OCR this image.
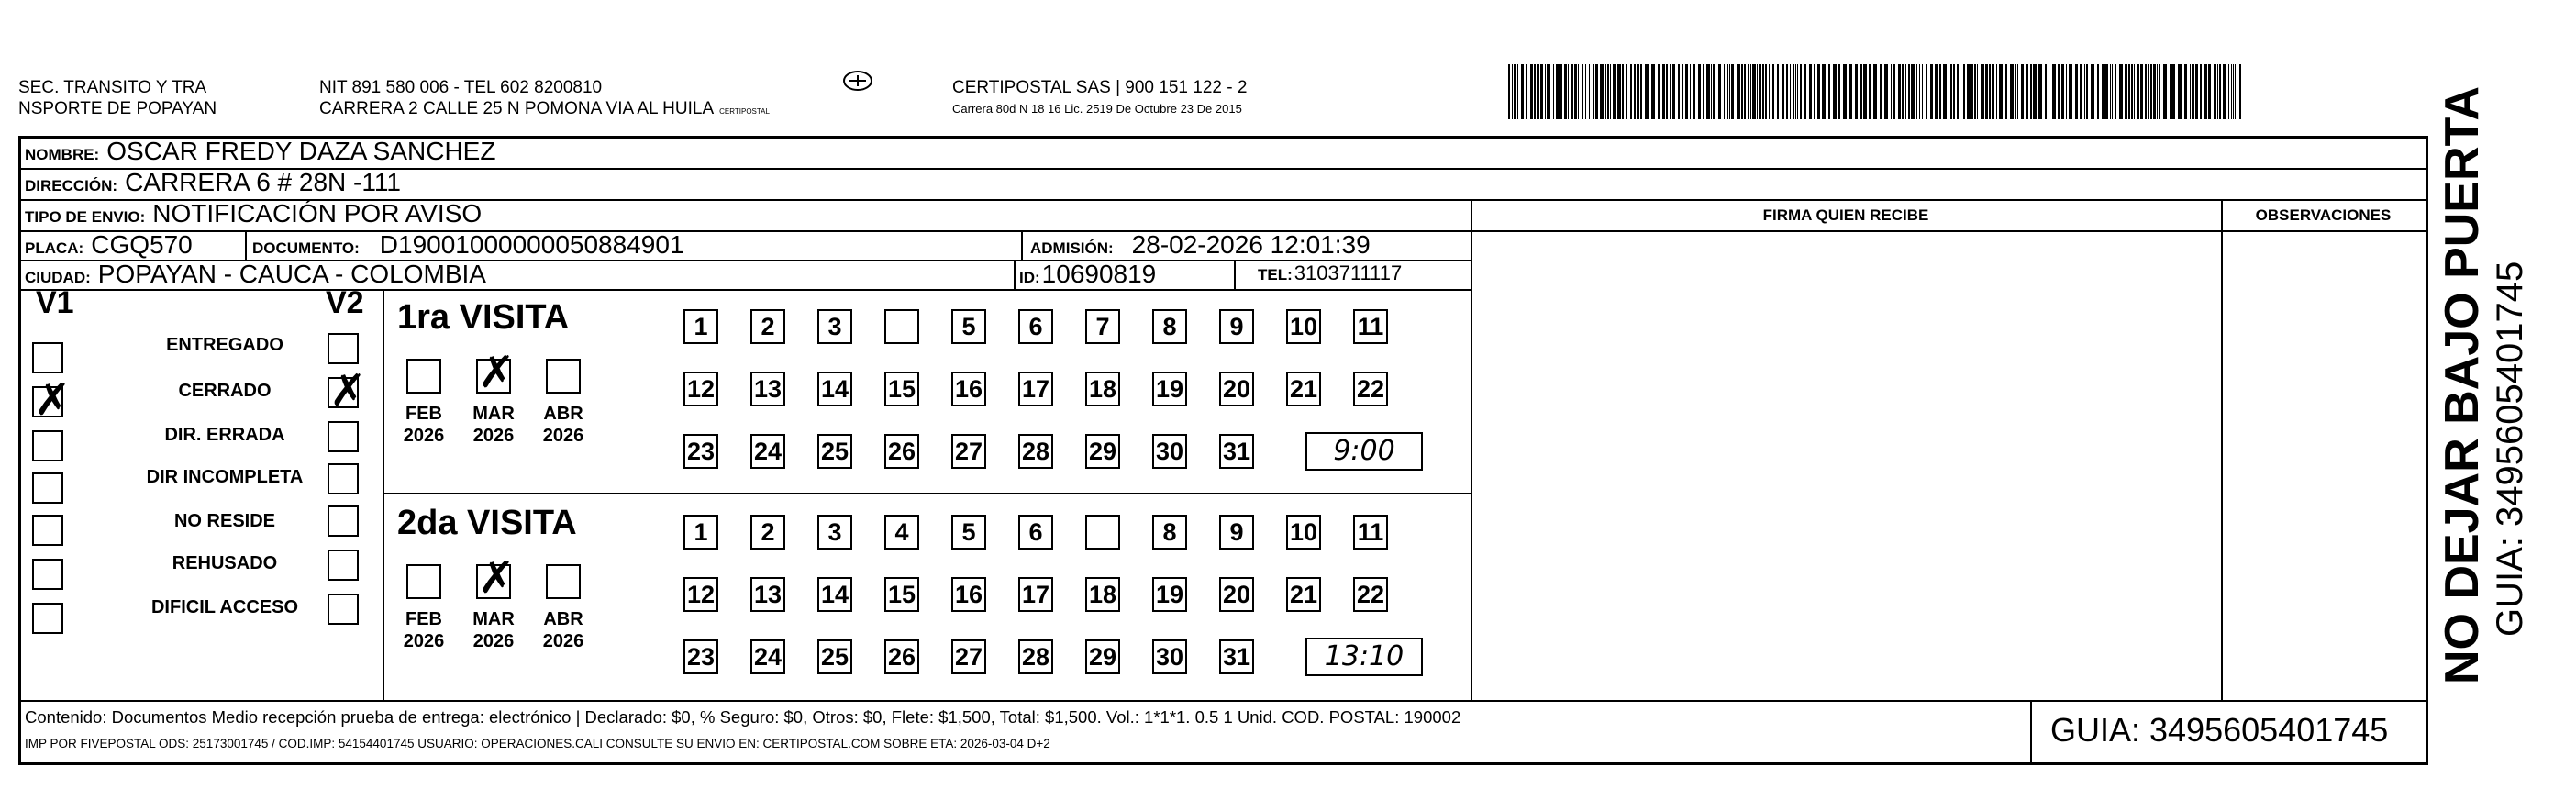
SEC. TRANSITO Y TRA
NSPORTE DE POPAYAN
NIT 891 580 006 - TEL 602 8200810
CARRERA 2 CALLE 25 N POMONA VIA AL HUILA CERTIPOSTAL
CERTIPOSTAL SAS | 900 151 122 - 2
Carrera 80d N 18 16 Lic. 2519 De Octubre 23 De 2015
NOMBRE: OSCAR FREDY DAZA SANCHEZ
DIRECCIÓN: CARRERA 6 # 28N -111
TIPO DE ENVIO: NOTIFICACIÓN POR AVISO	FIRMA QUIEN RECIBE	OBSERVACIONES
PLACA: CGQ570	DOCUMENTO: D19001000000050884901	ADMISIÓN: 28-02-2026 12:01:39
CIUDAD: POPAYAN - CAUCA - COLOMBIA	ID: 10690819	TEL: 3103711117
V1	V2
ENTREGADO
✗	✗
CERRADO
DIR. ERRADA
DIR INCOMPLETA
NO RESIDE
REHUSADO
DIFICIL ACCESO
1ra VISITA
FEB
2026
✗
MAR
2026
ABR
2026
1	2	3	5	6	7	8	9	10 11
12 13 14 15 16 17 18 19 20 21 22
23 24 25 26 27 28 29 30 31	9:00
2da VISITA
FEB
2026
✗
MAR
2026
ABR
2026
1	2	3	4	5	6	8	9	10 11
12 13 14 15 16 17 18 19 20 21 22
23 24 25 26 27 28 29 30 31	13:10
Contenido: Documentos Medio recepción prueba de entrega: electrónico | Declarado: $0, % Seguro: $0, Otros: $0, Flete: $1,500, Total: $1,500. Vol.: 1*1*1. 0.5 1 Unid. COD. POSTAL: 190002
IMP POR FIVEPOSTAL ODS: 25173001745 / COD.IMP: 54154401745 USUARIO: OPERACIONES.CALI CONSULTE SU ENVIO EN: CERTIPOSTAL.COM SOBRE ETA: 2026-03-04 D+2	GUIA: 3495605401745
NO DEJAR BAJO PUERTA GUIA: 3495605401745
